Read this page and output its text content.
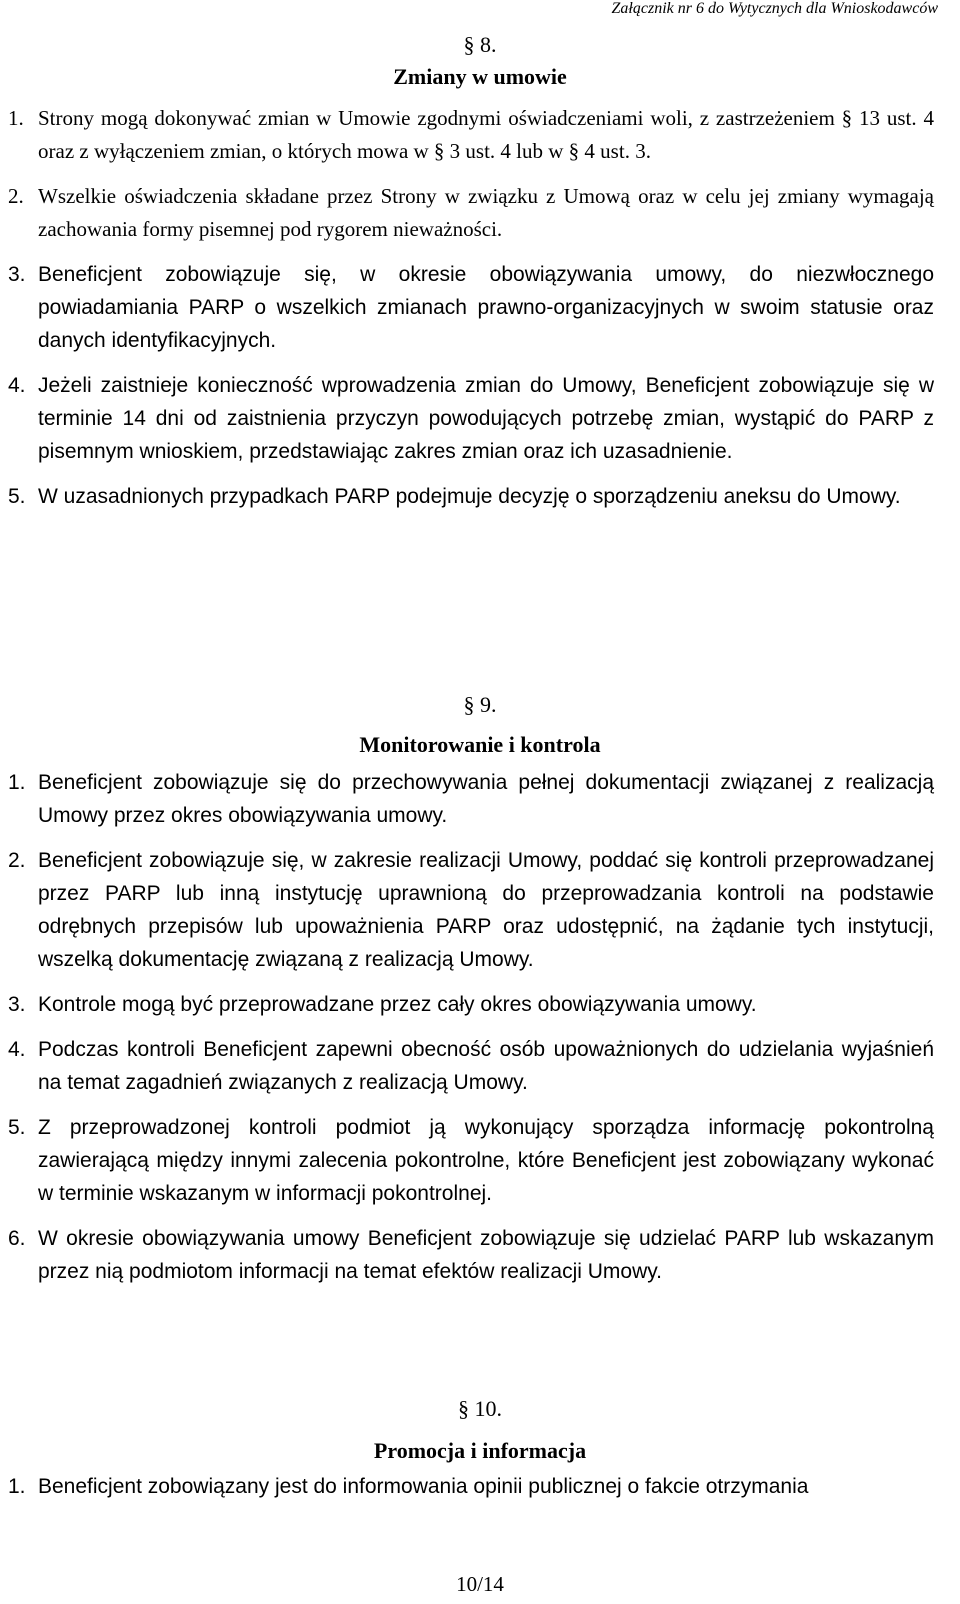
Załącznik nr 6 do Wytycznych dla Wnioskodawców
§ 8.
Zmiany w umowie
1. Strony mogą dokonywać zmian w Umowie zgodnymi oświadczeniami woli, z zastrzeżeniem § 13 ust. 4 oraz z wyłączeniem zmian, o których mowa w § 3 ust. 4 lub w § 4 ust. 3.
2. Wszelkie oświadczenia składane przez Strony w związku z Umową oraz w celu jej zmiany wymagają zachowania formy pisemnej pod rygorem nieważności.
3. Beneficjent zobowiązuje się, w okresie obowiązywania umowy, do niezwłocznego powiadamiania PARP o wszelkich zmianach prawno-organizacyjnych w swoim statusie oraz danych identyfikacyjnych.
4. Jeżeli zaistnieje konieczność wprowadzenia zmian do Umowy, Beneficjent zobowiązuje się w terminie 14 dni od zaistnienia przyczyn powodujących potrzebę zmian, wystąpić do PARP z pisemnym wnioskiem, przedstawiając zakres zmian oraz ich uzasadnienie.
5. W uzasadnionych przypadkach PARP podejmuje decyzję o sporządzeniu aneksu do Umowy.
§ 9.
Monitorowanie i kontrola
1. Beneficjent zobowiązuje się do przechowywania pełnej dokumentacji związanej z realizacją Umowy przez okres obowiązywania umowy.
2. Beneficjent zobowiązuje się, w zakresie realizacji Umowy, poddać się kontroli przeprowadzanej przez PARP lub inną instytucję uprawnioną do przeprowadzania kontroli na podstawie odrębnych przepisów lub upoważnienia PARP oraz udostępnić, na żądanie tych instytucji, wszelką dokumentację związaną z realizacją Umowy.
3. Kontrole mogą być przeprowadzane przez cały okres obowiązywania umowy.
4. Podczas kontroli Beneficjent zapewni obecność osób upoważnionych do udzielania wyjaśnień na temat zagadnień związanych z realizacją Umowy.
5. Z przeprowadzonej kontroli podmiot ją wykonujący sporządza informację pokontrolną zawierającą między innymi zalecenia pokontrolne, które Beneficjent jest zobowiązany wykonać w terminie wskazanym w informacji pokontrolnej.
6. W okresie obowiązywania umowy Beneficjent zobowiązuje się udzielać PARP lub wskazanym przez nią podmiotom informacji na temat efektów realizacji Umowy.
§ 10.
Promocja i informacja
1. Beneficjent zobowiązany jest do informowania opinii publicznej o fakcie otrzymania
10/14
